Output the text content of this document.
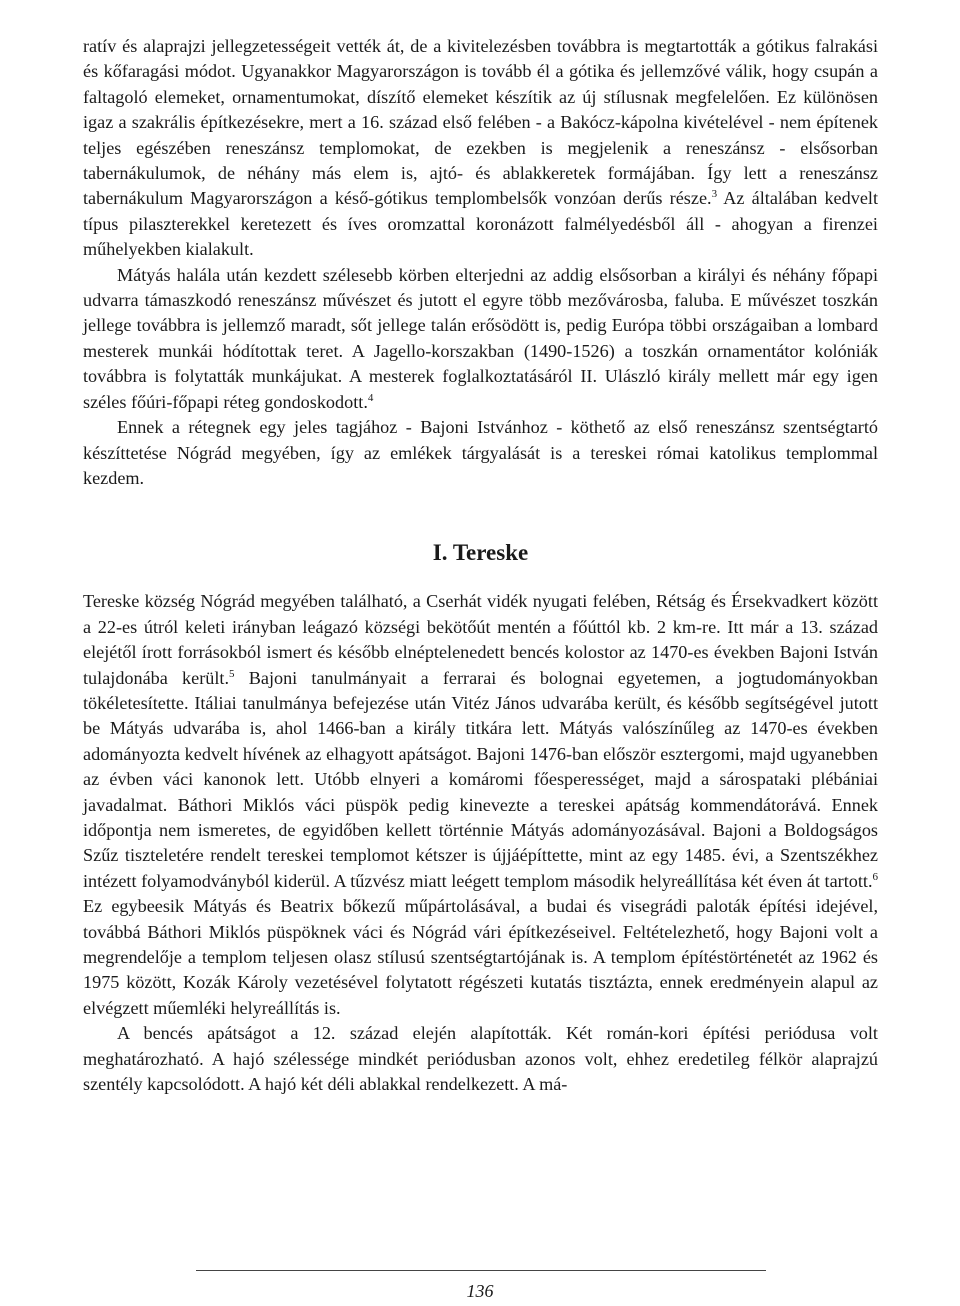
ratív és alaprajzi jellegzetességeit vették át, de a kivitelezésben továbbra is megtartották a gótikus falrakási és kőfaragási módot. Ugyanakkor Magyarországon is tovább él a gótika és jellemzővé válik, hogy csupán a faltagoló elemeket, ornamentumokat, díszítő elemeket készítik az új stílusnak megfelelően. Ez különösen igaz a szakrális építkezésekre, mert a 16. század első felében - a Bakócz-kápolna kivételével - nem építenek teljes egészében reneszánsz templomokat, de ezekben is megjelenik a reneszánsz - elsősorban tabernákulumok, de néhány más elem is, ajtó- és ablakkeretek formájában. Így lett a reneszánsz tabernákulum Magyarországon a késő-gótikus templombelsők vonzóan derűs része.$^3$ Az általában kedvelt típus pilaszterekkel keretezett és íves oromzattal koronázott falmélyedésből áll - ahogyan a firenzei műhelyekben kialakult.

Mátyás halála után kezdett szélesebb körben elterjedni az addig elsősorban a királyi és néhány főpapi udvarra támaszkodó reneszánsz művészet és jutott el egyre több mezővárosba, faluba. E művészet toszkán jellege továbbra is jellemző maradt, sőt jellege talán erősödött is, pedig Európa többi országaiban a lombard mesterek munkái hódítottak teret. A Jagello-korszakban (1490-1526) a toszkán ornamentátor kolóniák továbbra is folytatták munkájukat. A mesterek foglalkoztatásáról II. Ulászló király mellett már egy igen széles főúri-főpapi réteg gondoskodott.$^4$

Ennek a rétegnek egy jeles tagjához - Bajoni Istvánhoz - köthető az első reneszánsz szentségtartó készíttetése Nógrád megyében, így az emlékek tárgyalását is a tereskei római katolikus templommal kezdem.

I. Tereske

Tereske község Nógrád megyében található, a Cserhát vidék nyugati felében, Rétság és Érsekvadkert között a 22-es útról keleti irányban leágazó községi bekötőút mentén a főúttól kb. 2 km-re. Itt már a 13. század elejétől írott forrásokból ismert és később elnéptelenedett bencés kolostor az 1470-es években Bajoni István tulajdonába került.$^5$ Bajoni tanulmányait a ferrarai és bolognai egyetemen, a jogtudományokban tökéletesítette. Itáliai tanulmánya befejezése után Vitéz János udvarába került, és később segítségével jutott be Mátyás udvarába is, ahol 1466-ban a király titkára lett. Mátyás valószínűleg az 1470-es években adományozta kedvelt hívének az elhagyott apátságot. Bajoni 1476-ban először esztergomi, majd ugyanebben az évben váci kanonok lett. Utóbb elnyeri a komáromi főesperességet, majd a sárospataki plébániai javadalmat. Báthori Miklós váci püspök pedig kinevezte a tereskei apátság kommendátorává. Ennek időpontja nem ismeretes, de egyidőben kellett történnie Mátyás adományozásával. Bajoni a Boldogságos Szűz tiszteletére rendelt tereskei templomot kétszer is újjáépíttette, mint az egy 1485. évi, a Szentszékhez intézett folyamodványból kiderül. A tűzvész miatt leégett templom második helyreállítása két éven át tartott.$^6$ Ez egybeesik Mátyás és Beatrix bőkezű műpártolásával, a budai és visegrádi paloták építési idejével, továbbá Báthori Miklós püspöknek váci és Nógrád vári építkezéseivel. Feltételezhető, hogy Bajoni volt a megrendelője a templom teljesen olasz stílusú szentségtartójának is. A templom építéstörténetét az 1962 és 1975 között, Kozák Károly vezetésével folytatott régészeti kutatás tisztázta, ennek eredményein alapul az elvégzett műemléki helyreállítás is.

A bencés apátságot a 12. század elején alapították. Két román-kori építési periódusa volt meghatározható. A hajó szélessége mindkét periódusban azonos volt, ehhez eredetileg félkör alaprajzú szentély kapcsolódott. A hajó két déli ablakkal rendelkezett. A má-

136
